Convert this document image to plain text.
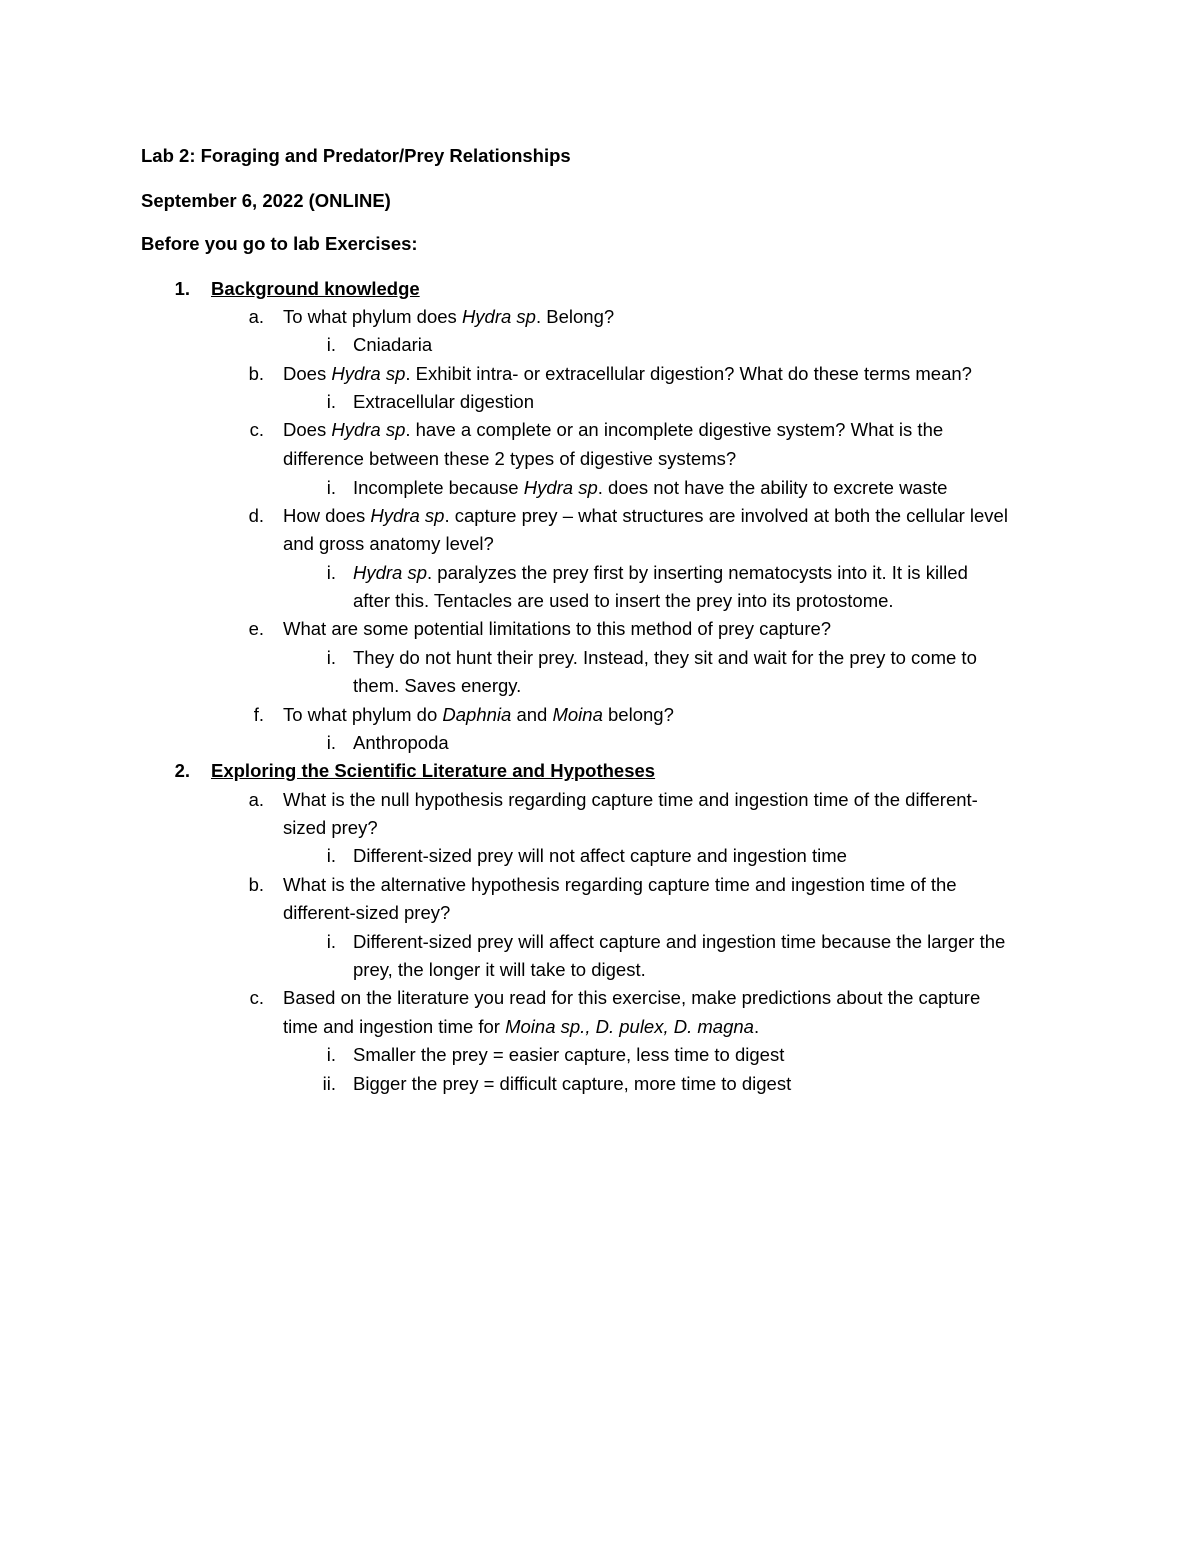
Lab 2: Foraging and Predator/Prey Relationships
September 6, 2022 (ONLINE)
Before you go to lab Exercises:
1. Background knowledge
a. To what phylum does Hydra sp. Belong?
i. Cniadaria
b. Does Hydra sp. Exhibit intra- or extracellular digestion? What do these terms mean?
i. Extracellular digestion
c. Does Hydra sp. have a complete or an incomplete digestive system? What is the
difference between these 2 types of digestive systems?
i. Incomplete because Hydra sp. does not have the ability to excrete waste
d. How does Hydra sp. capture prey – what structures are involved at both the cellular level
and gross anatomy level?
i. Hydra sp. paralyzes the prey first by inserting nematocysts into it. It is killed
after this. Tentacles are used to insert the prey into its protostome.
e. What are some potential limitations to this method of prey capture?
i. They do not hunt their prey. Instead, they sit and wait for the prey to come to
them. Saves energy.
f. To what phylum do Daphnia and Moina belong?
i. Anthropoda
2. Exploring the Scientific Literature and Hypotheses
a. What is the null hypothesis regarding capture time and ingestion time of the different-
sized prey?
i. Different-sized prey will not affect capture and ingestion time
b. What is the alternative hypothesis regarding capture time and ingestion time of the
different-sized prey?
i. Different-sized prey will affect capture and ingestion time because the larger the
prey, the longer it will take to digest.
c. Based on the literature you read for this exercise, make predictions about the capture
time and ingestion time for Moina sp., D. pulex, D. magna.
i. Smaller the prey = easier capture, less time to digest
ii. Bigger the prey = difficult capture, more time to digest
